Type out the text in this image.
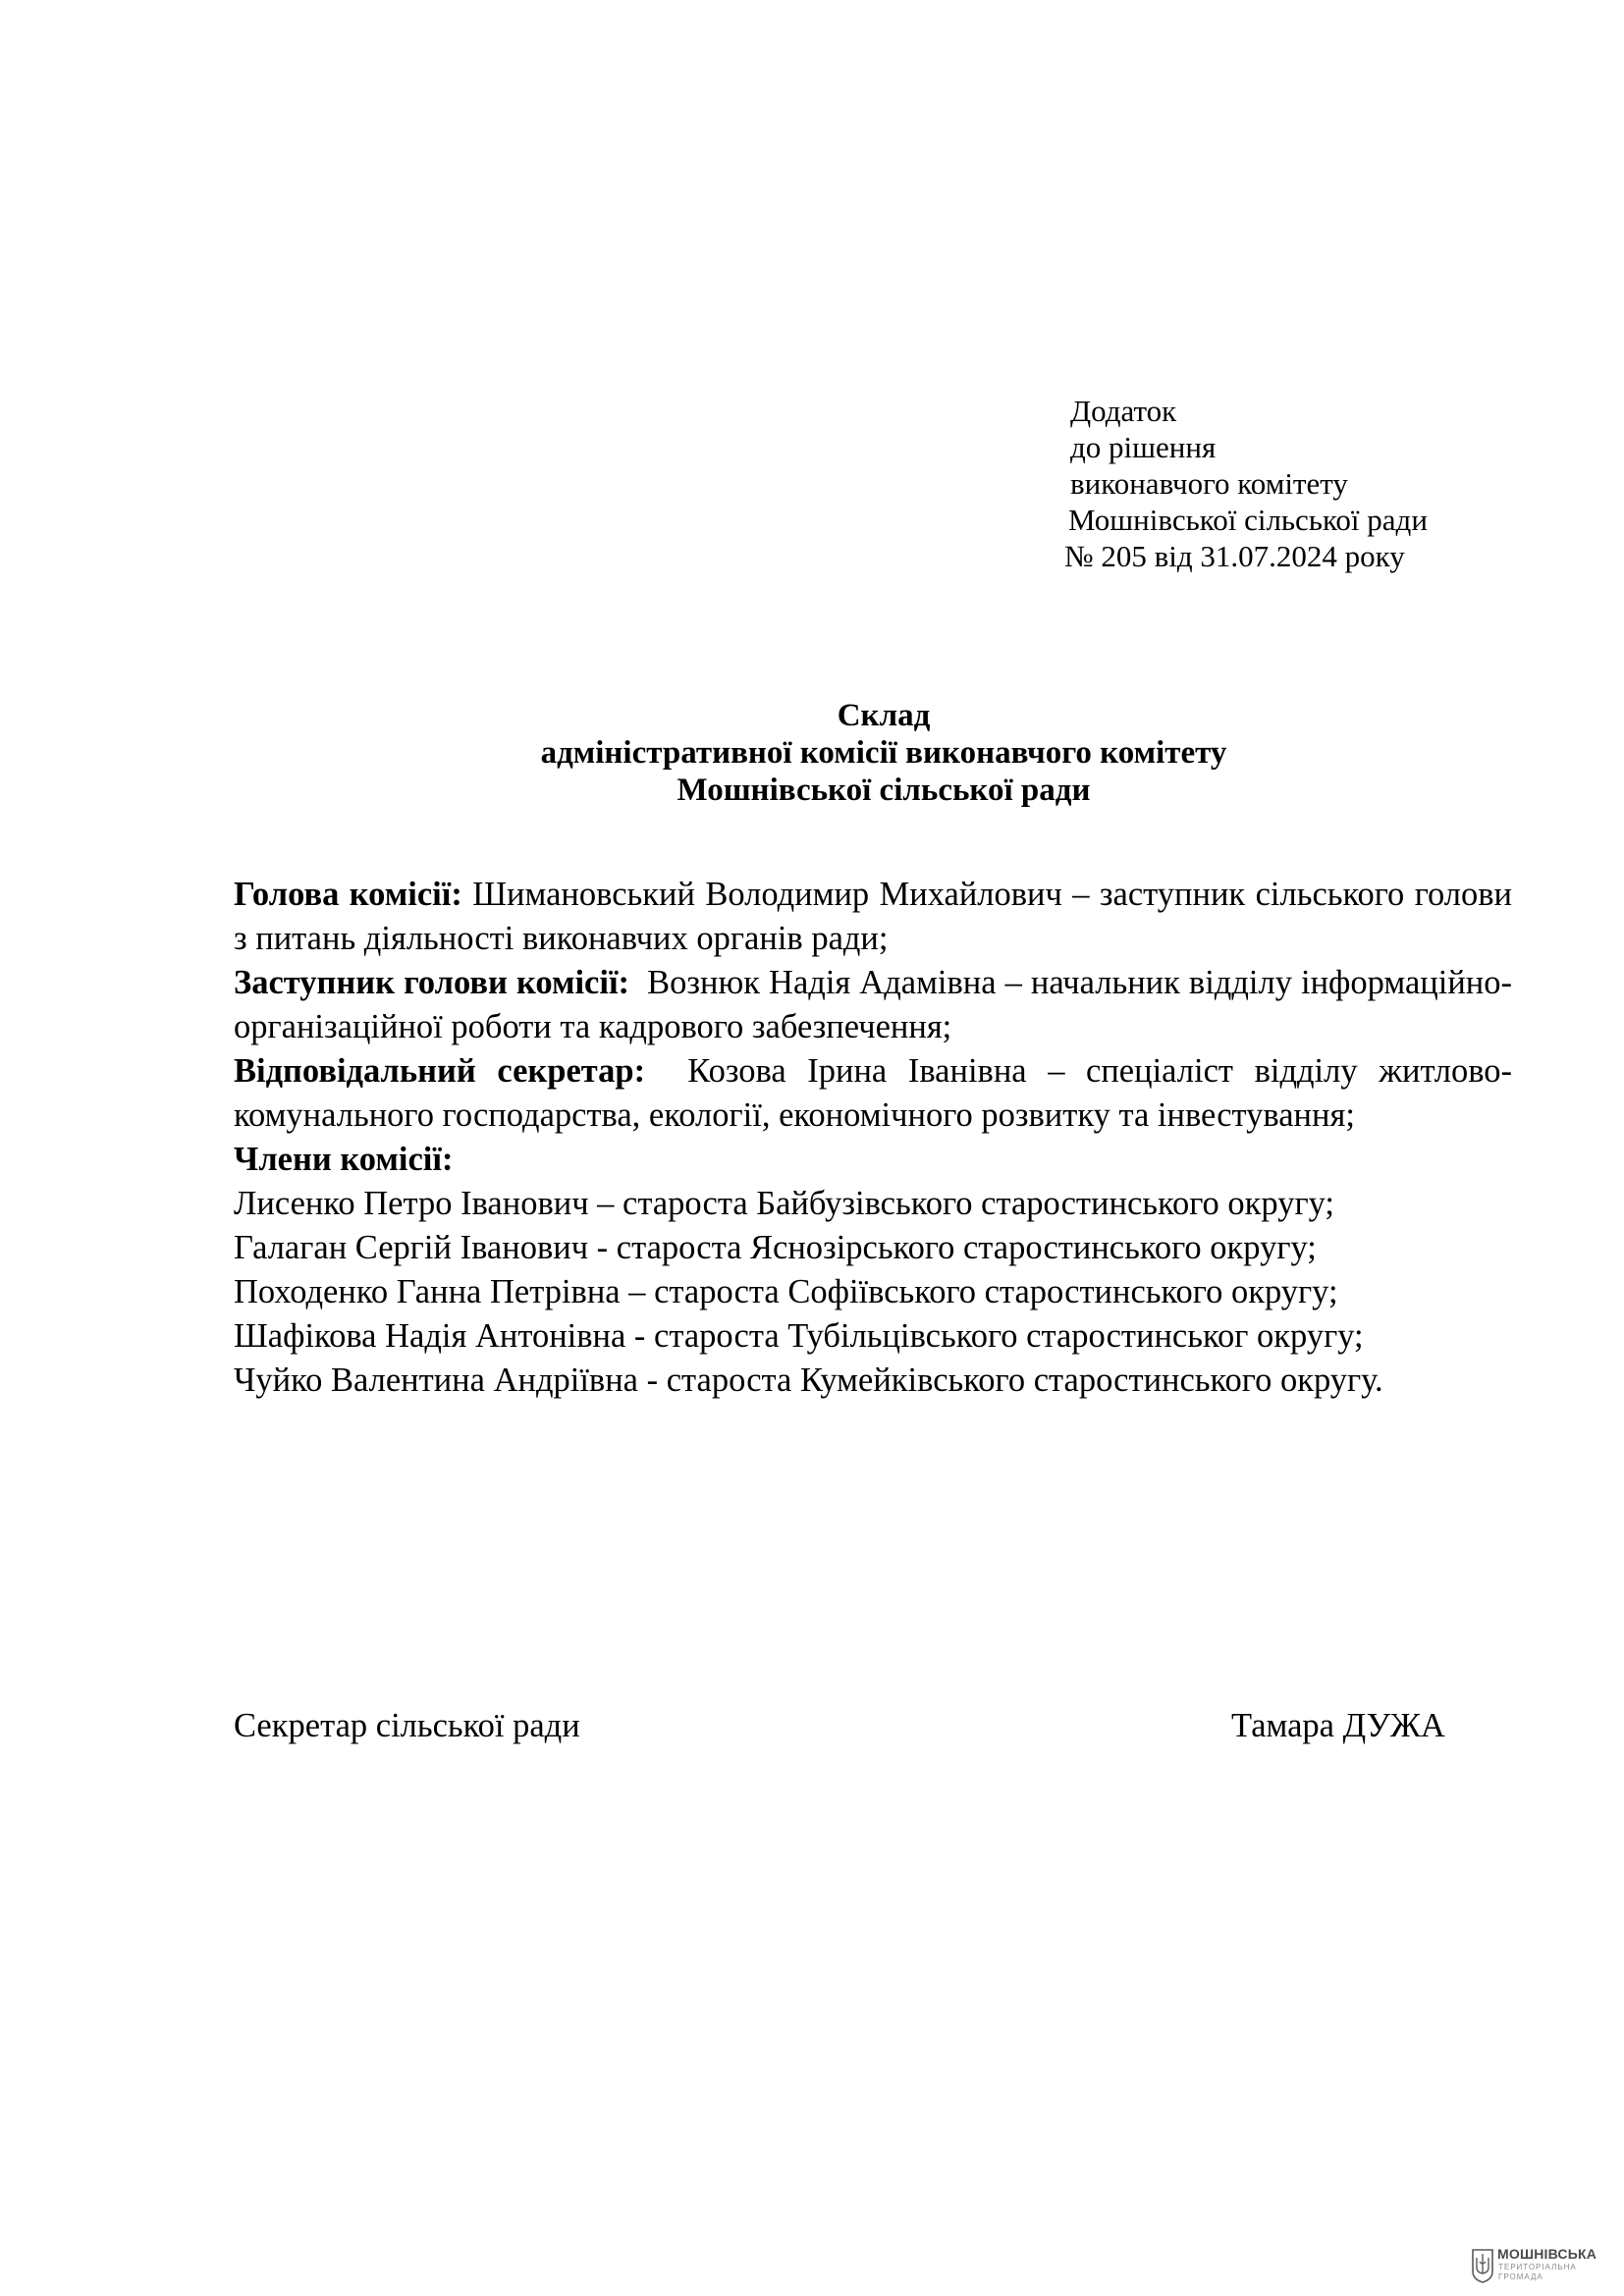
Додаток
до рішення
виконавчого комітету
Мошнівської сільської ради
№ 205 від 31.07.2024 року
Склад
адміністративної комісії виконавчого комітету
Мошнівської сільської ради
Голова комісії: Шимановський Володимир Михайлович – заступник сільського голови з питань діяльності виконавчих органів ради;
Заступник голови комісії: Вознюк Надія Адамівна – начальник відділу інформаційно-організаційної роботи та кадрового забезпечення;
Відповідальний секретар: Козова Ірина Іванівна – спеціаліст відділу житлово-комунального господарства, екології, економічного розвитку та інвестування;
Члени комісії:
Лисенко Петро Іванович – староста Байбузівського старостинського округу;
Галаган Сергій Іванович - староста Яснозірського старостинського округу;
Походенко Ганна Петрівна – староста Софіївського старостинського округу;
Шафікова Надія Антонівна - староста Тубільцівського старостинськог округу;
Чуйко Валентина Андріївна - староста Кумейківського старостинського округу.
Секретар сільської ради	Тамара ДУЖА
МОШНІВСЬКА
ТЕРИТОРІАЛЬНА
ГРОМАДА
